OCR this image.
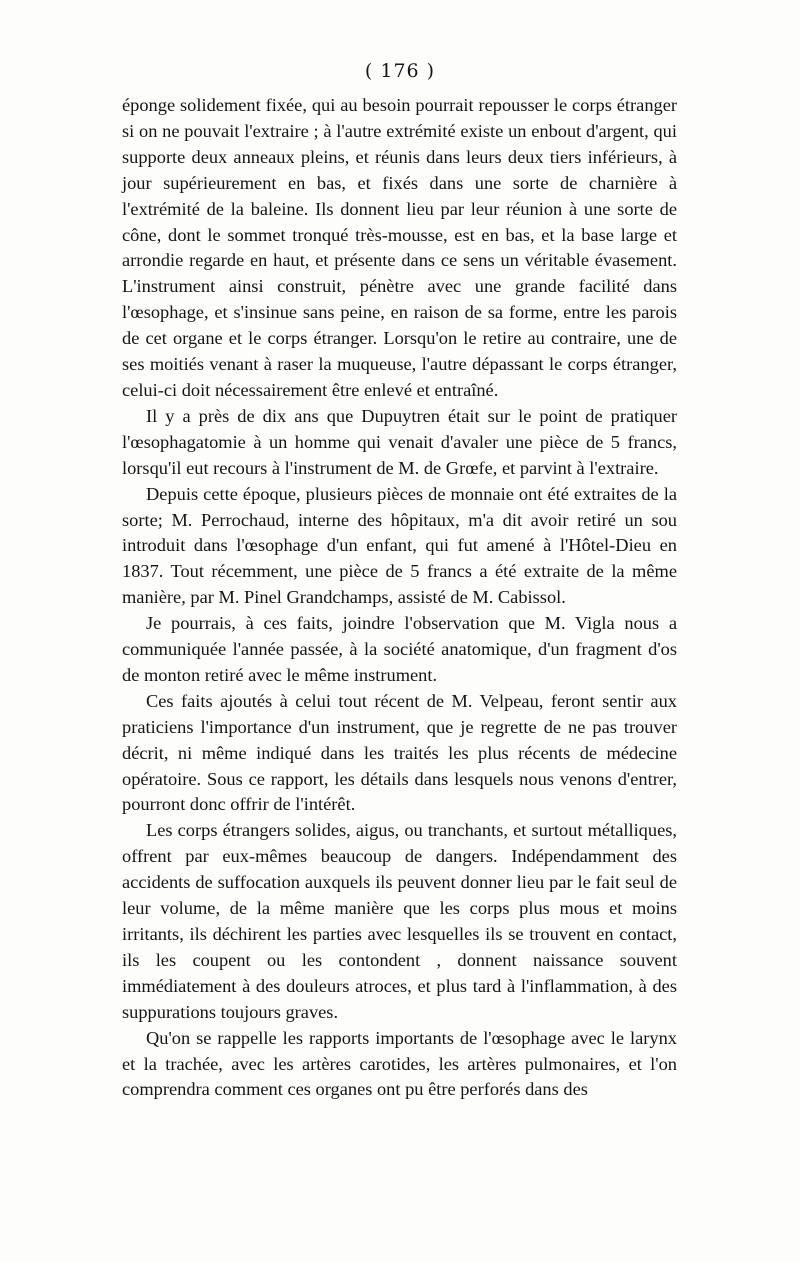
( 176 )

éponge solidement fixée, qui au besoin pourrait repousser le corps étranger si on ne pouvait l'extraire ; à l'autre extrémité existe un enbout d'argent, qui supporte deux anneaux pleins, et réunis dans leurs deux tiers inférieurs, à jour supérieurement en bas, et fixés dans une sorte de charnière à l'extrémité de la baleine. Ils donnent lieu par leur réunion à une sorte de cône, dont le sommet tronqué très-mousse, est en bas, et la base large et arrondie regarde en haut, et présente dans ce sens un véritable évasement. L'instrument ainsi construit, pénètre avec une grande facilité dans l'œsophage, et s'insinue sans peine, en raison de sa forme, entre les parois de cet organe et le corps étranger. Lorsqu'on le retire au contraire, une de ses moitiés venant à raser la muqueuse, l'autre dépassant le corps étranger, celui-ci doit nécessairement être enlevé et entraîné.

Il y a près de dix ans que Dupuytren était sur le point de pratiquer l'œsophagatomie à un homme qui venait d'avaler une pièce de 5 francs, lorsqu'il eut recours à l'instrument de M. de Grœfe, et parvint à l'extraire.

Depuis cette époque, plusieurs pièces de monnaie ont été extraites de la sorte; M. Perrochaud, interne des hôpitaux, m'a dit avoir retiré un sou introduit dans l'œsophage d'un enfant, qui fut amené à l'Hôtel-Dieu en 1837. Tout récemment, une pièce de 5 francs a été extraite de la même manière, par M. Pinel Grandchamps, assisté de M. Cabissol.

Je pourrais, à ces faits, joindre l'observation que M. Vigla nous a communiquée l'année passée, à la société anatomique, d'un fragment d'os de monton retiré avec le même instrument.

Ces faits ajoutés à celui tout récent de M. Velpeau, feront sentir aux praticiens l'importance d'un instrument, que je regrette de ne pas trouver décrit, ni même indiqué dans les traités les plus récents de médecine opératoire. Sous ce rapport, les détails dans lesquels nous venons d'entrer, pourront donc offrir de l'intérêt.

Les corps étrangers solides, aigus, ou tranchants, et surtout métalliques, offrent par eux-mêmes beaucoup de dangers. Indépendamment des accidents de suffocation auxquels ils peuvent donner lieu par le fait seul de leur volume, de la même manière que les corps plus mous et moins irritants, ils déchirent les parties avec lesquelles ils se trouvent en contact, ils les coupent ou les contondent , donnent naissance souvent immédiatement à des douleurs atroces, et plus tard à l'inflammation, à des suppurations toujours graves.

Qu'on se rappelle les rapports importants de l'œsophage avec le larynx et la trachée, avec les artères carotides, les artères pulmonaires, et l'on comprendra comment ces organes ont pu être perforés dans des
